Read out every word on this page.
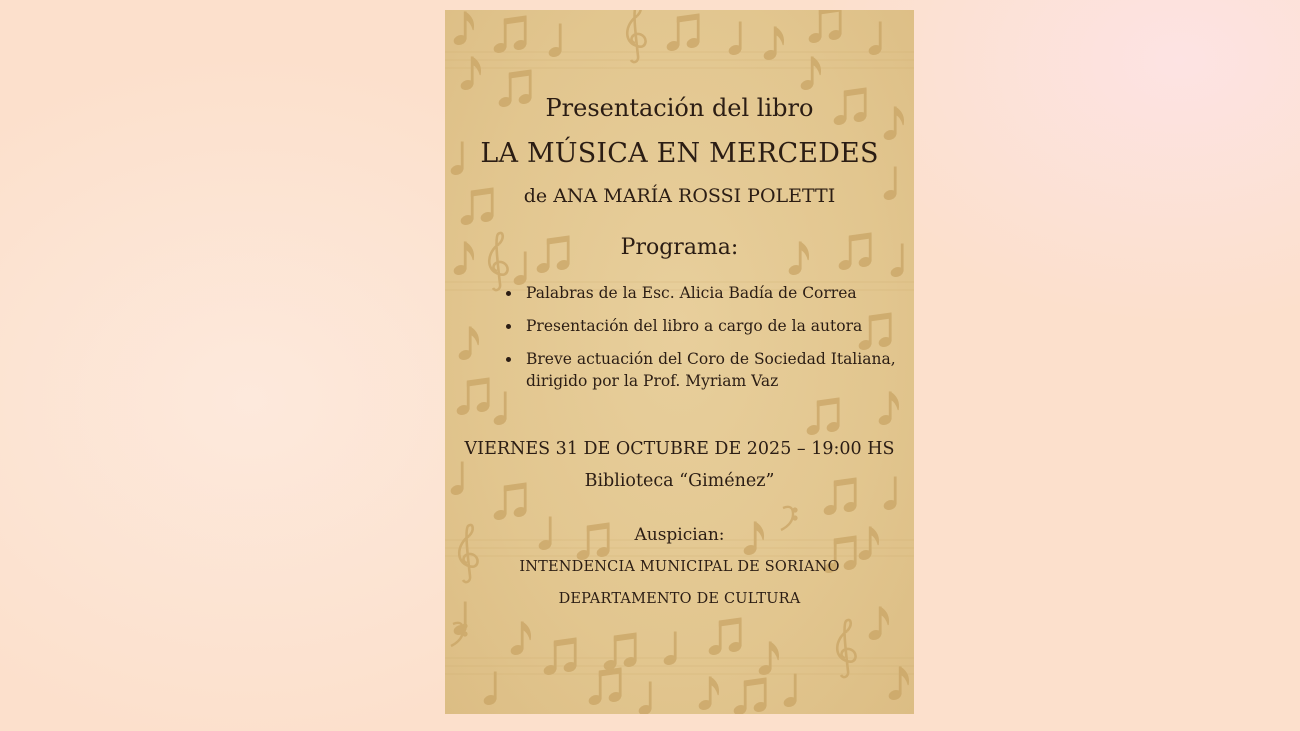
Presentación del libro
LA MÚSICA EN MERCEDES
de ANA MARÍA ROSSI POLETTI
Programa:
Palabras de la Esc. Alicia Badía de Correa
Presentación del libro a cargo de la autora
Breve actuación del Coro de Sociedad Italiana,
dirigido por la Prof. Myriam Vaz
VIERNES 31 DE OCTUBRE DE 2025 – 19:00 HS
Biblioteca “Giménez”
Auspician:
INTENDENCIA MUNICIPAL DE SORIANO
DEPARTAMENTO DE CULTURA
